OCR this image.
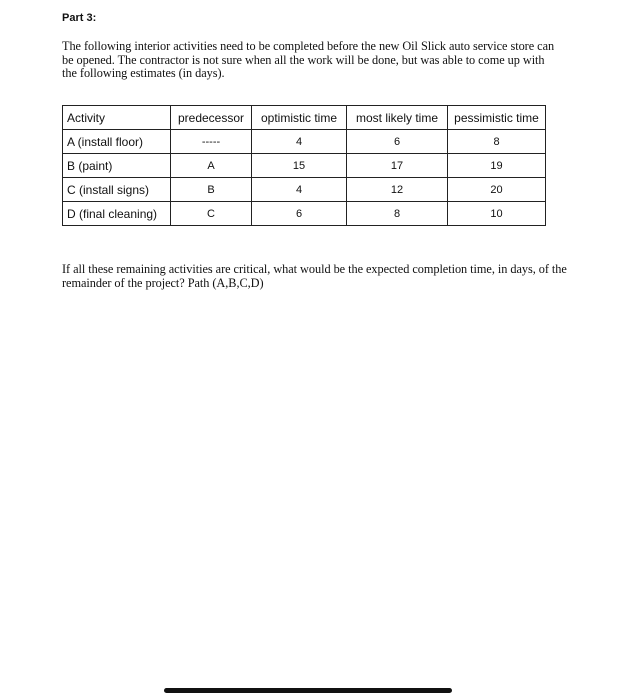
Part 3:

The following interior activities need to be completed before the new Oil Slick auto service store can be opened. The contractor is not sure when all the work will be done, but was able to come up with the following estimates (in days).

Activity	predecessor	optimistic time	most likely time	pessimistic time
A (install floor)	-----	4	6	8
B (paint)	A	15	17	19
C (install signs)	B	4	12	20
D (final cleaning)	C	6	8	10

If all these remaining activities are critical, what would be the expected completion time, in days, of the remainder of the project? Path (A,B,C,D)
